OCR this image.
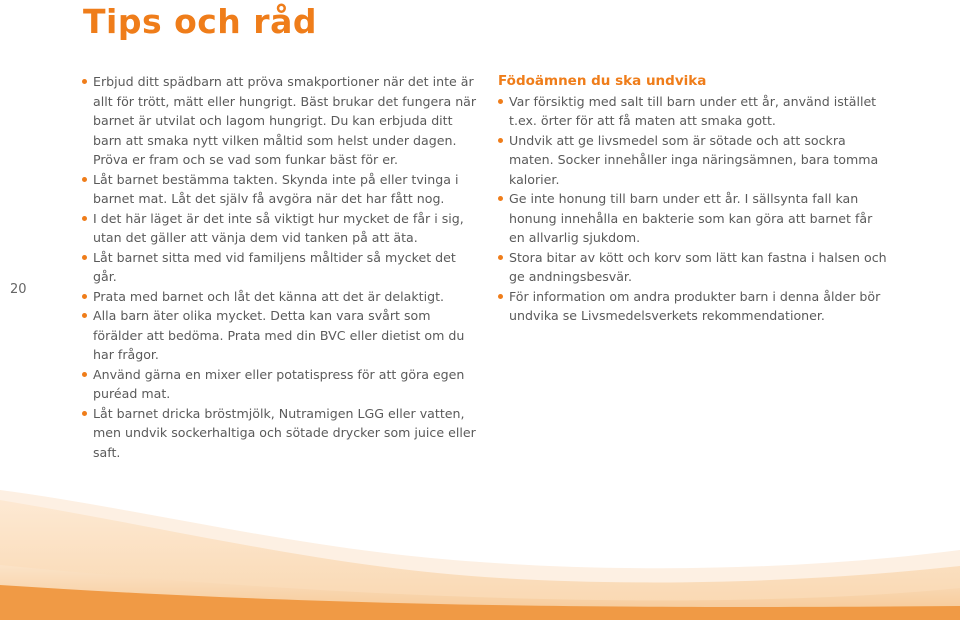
Tips och råd
20
Erbjud ditt spädbarn att pröva smakportioner när det inte är allt för trött, mätt eller hungrigt. Bäst brukar det fungera när barnet är utvilat och lagom hungrigt. Du kan erbjuda ditt barn att smaka nytt vilken måltid som helst under dagen. Pröva er fram och se vad som funkar bäst för er.
Låt barnet bestämma takten. Skynda inte på eller tvinga i barnet mat. Låt det själv få avgöra när det har fått nog.
I det här läget är det inte så viktigt hur mycket de får i sig, utan det gäller att vänja dem vid tanken på att äta.
Låt barnet sitta med vid familjens måltider så mycket det går.
Prata med barnet och låt det känna att det är delaktigt.
Alla barn äter olika mycket. Detta kan vara svårt som förälder att bedöma. Prata med din BVC eller dietist om du har frågor.
Använd gärna en mixer eller potatispress för att göra egen puréad mat.
Låt barnet dricka bröstmjölk, Nutramigen LGG eller vatten, men undvik sockerhaltiga och sötade drycker som juice eller saft.
Födoämnen du ska undvika
Var försiktig med salt till barn under ett år, använd istället t.ex. örter för att få maten att smaka gott.
Undvik att ge livsmedel som är sötade och att sockra maten. Socker innehåller inga näringsämnen, bara tomma kalorier.
Ge inte honung till barn under ett år. I sällsynta fall kan honung innehålla en bakterie som kan göra att barnet får en allvarlig sjukdom.
Stora bitar av kött och korv som lätt kan fastna i halsen och ge andningsbesvär.
För information om andra produkter barn i denna ålder bör undvika se Livsmedelsverkets rekommendationer.
